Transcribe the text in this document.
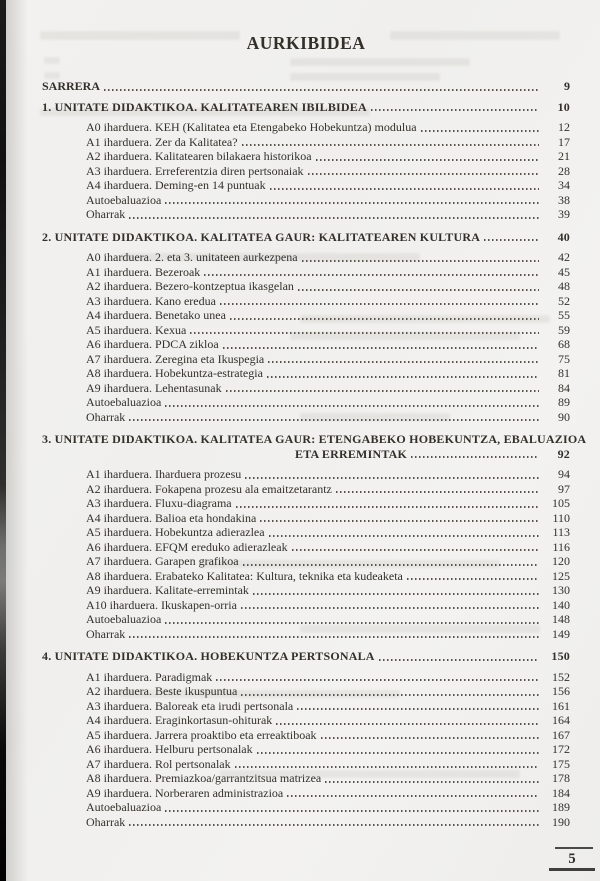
AURKIBIDEA
SARRERA	9
1. UNITATE DIDAKTIKOA. KALITATEAREN IBILBIDEA	10
A0 iharduera. KEH (Kalitatea eta Etengabeko Hobekuntza) modulua	12
A1 iharduera. Zer da Kalitatea?	17
A2 iharduera. Kalitatearen bilakaera historikoa	21
A3 iharduera. Erreferentzia diren pertsonaiak	28
A4 iharduera. Deming-en 14 puntuak	34
Autoebaluazioa	38
Oharrak	39
2. UNITATE DIDAKTIKOA. KALITATEA GAUR: KALITATEAREN KULTURA	40
A0 iharduera. 2. eta 3. unitateen aurkezpena	42
A1 iharduera. Bezeroak	45
A2 iharduera. Bezero-kontzeptua ikasgelan	48
A3 iharduera. Kano eredua	52
A4 iharduera. Benetako unea	55
A5 iharduera. Kexua	59
A6 iharduera. PDCA zikloa	68
A7 iharduera. Zeregina eta Ikuspegia	75
A8 iharduera. Hobekuntza-estrategia	81
A9 iharduera. Lehentasunak	84
Autoebaluazioa	89
Oharrak	90
3. UNITATE DIDAKTIKOA. KALITATEA GAUR: ETENGABEKO HOBEKUNTZA, EBALUAZIOA
ETA ERREMINTAK	92
A1 iharduera. Iharduera prozesu	94
A2 iharduera. Fokapena prozesu ala emaitzetarantz	97
A3 iharduera. Fluxu-diagrama	105
A4 iharduera. Balioa eta hondakina	110
A5 iharduera. Hobekuntza adierazlea	113
A6 iharduera. EFQM ereduko adierazleak	116
A7 iharduera. Garapen grafikoa	120
A8 iharduera. Erabateko Kalitatea: Kultura, teknika eta kudeaketa	125
A9 iharduera. Kalitate-erremintak	130
A10 iharduera. Ikuskapen-orria	140
Autoebaluazioa	148
Oharrak	149
4. UNITATE DIDAKTIKOA. HOBEKUNTZA PERTSONALA	150
A1 iharduera. Paradigmak	152
A2 iharduera. Beste ikuspuntua	156
A3 iharduera. Baloreak eta irudi pertsonala	161
A4 iharduera. Eraginkortasun-ohiturak	164
A5 iharduera. Jarrera proaktibo eta erreaktiboak	167
A6 iharduera. Helburu pertsonalak	172
A7 iharduera. Rol pertsonalak	175
A8 iharduera. Premiazkoa/garrantzitsua matrizea	178
A9 iharduera. Norberaren administrazioa	184
Autoebaluazioa	189
Oharrak	190
5
